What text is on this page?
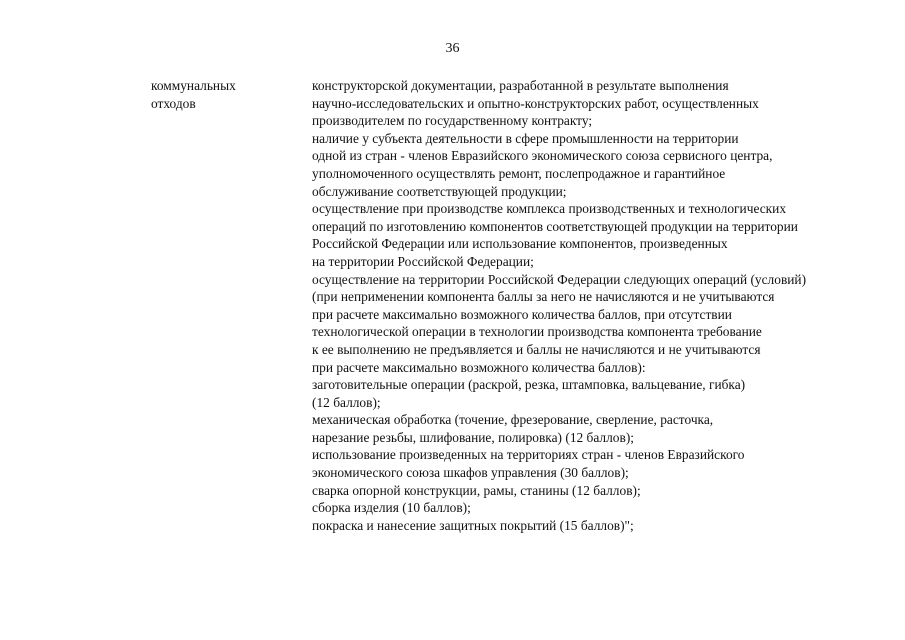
36
коммунальных
отходов
конструкторской документации, разработанной в результате выполнения
научно-исследовательских и опытно-конструкторских работ, осуществленных
производителем по государственному контракту;
наличие у субъекта деятельности в сфере промышленности на территории
одной из стран - членов Евразийского экономического союза сервисного центра,
уполномоченного осуществлять ремонт, послепродажное и гарантийное
обслуживание соответствующей продукции;
осуществление при производстве комплекса производственных и технологических
операций по изготовлению компонентов соответствующей продукции на территории
Российской Федерации или использование компонентов, произведенных
на территории Российской Федерации;
осуществление на территории Российской Федерации следующих операций (условий)
(при неприменении компонента баллы за него не начисляются и не учитываются
при расчете максимально возможного количества баллов, при отсутствии
технологической операции в технологии производства компонента требование
к ее выполнению не предъявляется и баллы не начисляются и не учитываются
при расчете максимально возможного количества баллов):
заготовительные операции (раскрой, резка, штамповка, вальцевание, гибка)
(12 баллов);
механическая обработка (точение, фрезерование, сверление, расточка,
нарезание резьбы, шлифование, полировка) (12 баллов);
использование произведенных на территориях стран - членов Евразийского
экономического союза шкафов управления (30 баллов);
сварка опорной конструкции, рамы, станины (12 баллов);
сборка изделия (10 баллов);
покраска и нанесение защитных покрытий (15 баллов)";
